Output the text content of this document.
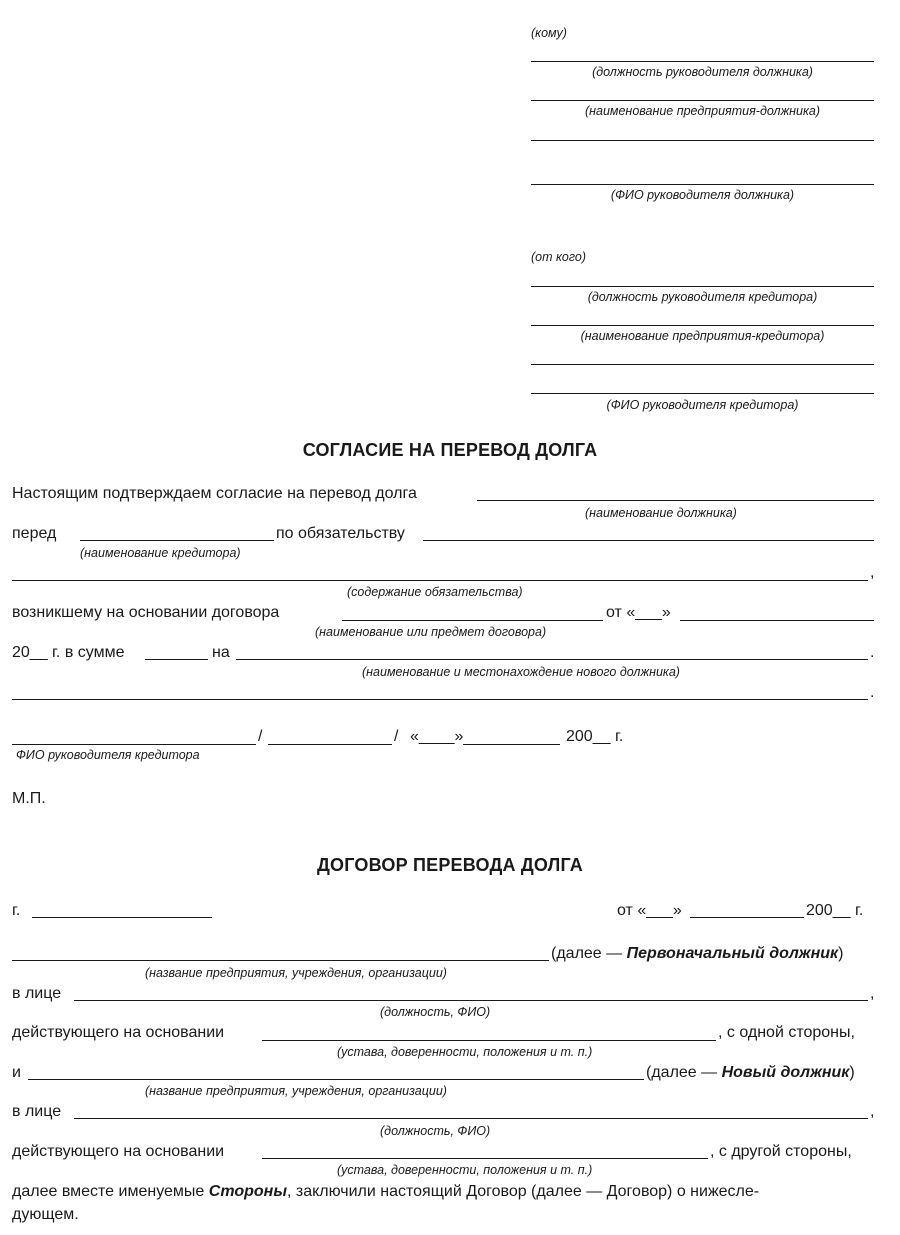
(кому)
(должность руководителя должника)
(наименование предприятия-должника)
(ФИО руководителя должника)
(от кого)
(должность руководителя кредитора)
(наименование предприятия-кредитора)
(ФИО руководителя кредитора)
СОГЛАСИЕ НА ПЕРЕВОД ДОЛГА
Настоящим подтверждаем согласие на перевод долга
(наименование должника)
перед	по обязательству
(наименование кредитора)
,
(содержание обязательства)
возникшему на основании договора	от «___»
(наименование или предмет договора)
20__ г. в сумме	на	.
(наименование и местонахождение нового должника)
.
/	/ «____»	200__ г.
ФИО руководителя кредитора
М.П.
ДОГОВОР ПЕРЕВОДА ДОЛГА
г.	от «___»	200__ г.
(далее — Первоначальный должник)
(название предприятия, учреждения, организации)
в лице	,
(должность, ФИО)
действующего на основании	, с одной стороны,
(устава, доверенности, положения и т. п.)
и	(далее — Новый должник)
(название предприятия, учреждения, организации)
в лице	,
(должность, ФИО)
действующего на основании	, с другой стороны,
(устава, доверенности, положения и т. п.)
далее вместе именуемые Стороны, заключили настоящий Договор (далее — Договор) о нижесле-
дующем.
